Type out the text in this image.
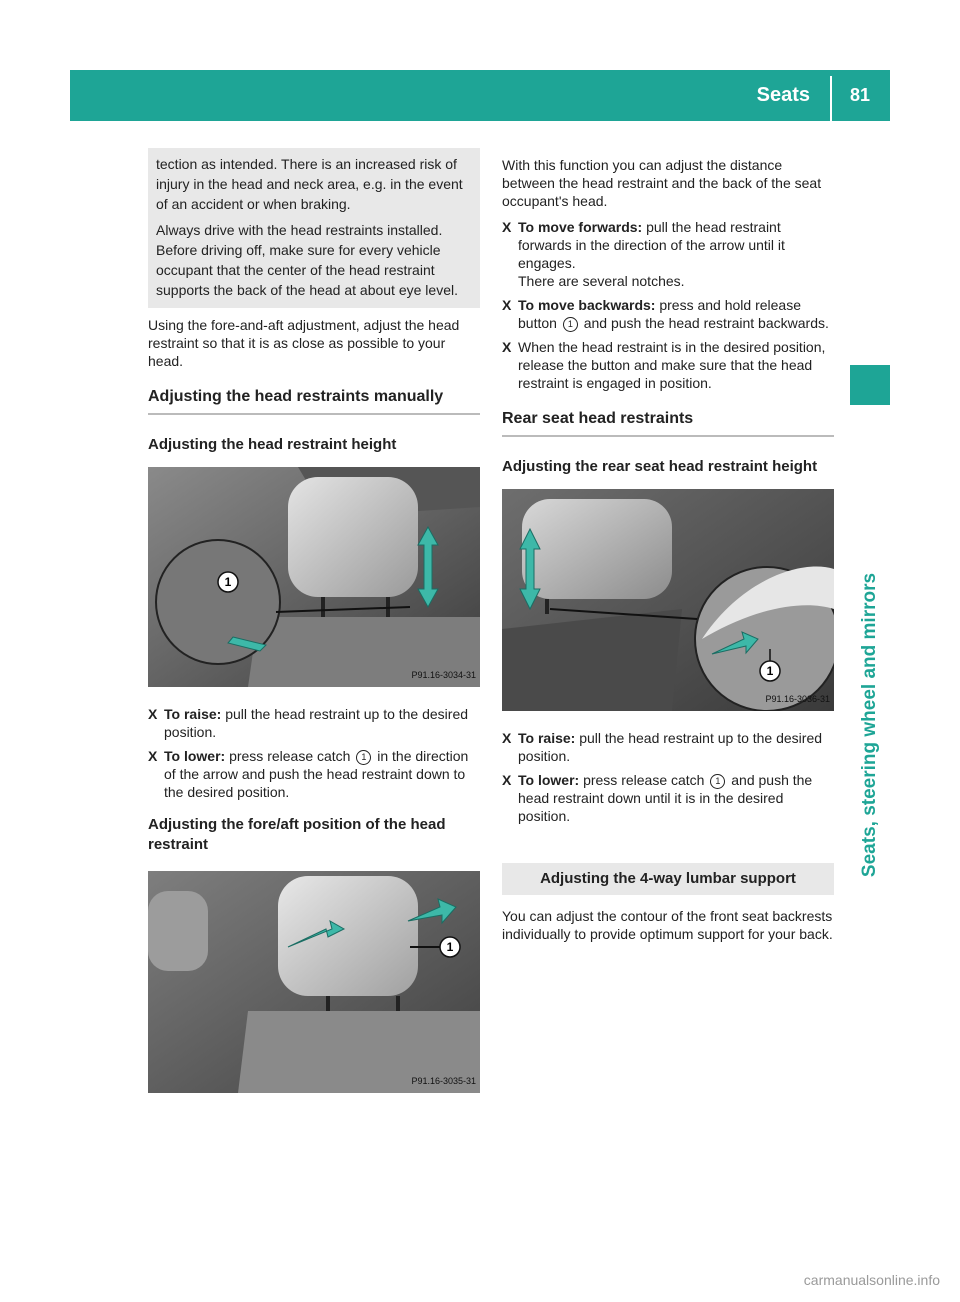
Seats 81
Seats, steering wheel and mirrors

tection as intended. There is an increased risk of injury in the head and neck area, e.g. in the event of an accident or when braking.

Always drive with the head restraints installed. Before driving off, make sure for every vehicle occupant that the center of the head restraint supports the back of the head at about eye level.

Using the fore-and-aft adjustment, adjust the head restraint so that it is as close as possible to your head.

Adjusting the head restraints manually
Adjusting the head restraint height
1
P91.16-3034-31
X To raise: pull the head restraint up to the desired position.
X To lower: press release catch 1 in the direction of the arrow and push the head restraint down to the desired position.
Adjusting the fore/aft position of the head restraint
1
P91.16-3035-31

With this function you can adjust the distance between the head restraint and the back of the seat occupant's head.

X To move forwards: pull the head restraint forwards in the direction of the arrow until it engages.
There are several notches.
X To move backwards: press and hold release button 1 and push the head restraint backwards.
X When the head restraint is in the desired position, release the button and make sure that the head restraint is engaged in position.
Rear seat head restraints
Adjusting the rear seat head restraint height
1
P91.16-3036-31
X To raise: pull the head restraint up to the desired position.
X To lower: press release catch 1 and push the head restraint down until it is in the desired position.
Adjusting the 4-way lumbar support

You can adjust the contour of the front seat backrests individually to provide optimum support for your back.

carmanualsonline.info
